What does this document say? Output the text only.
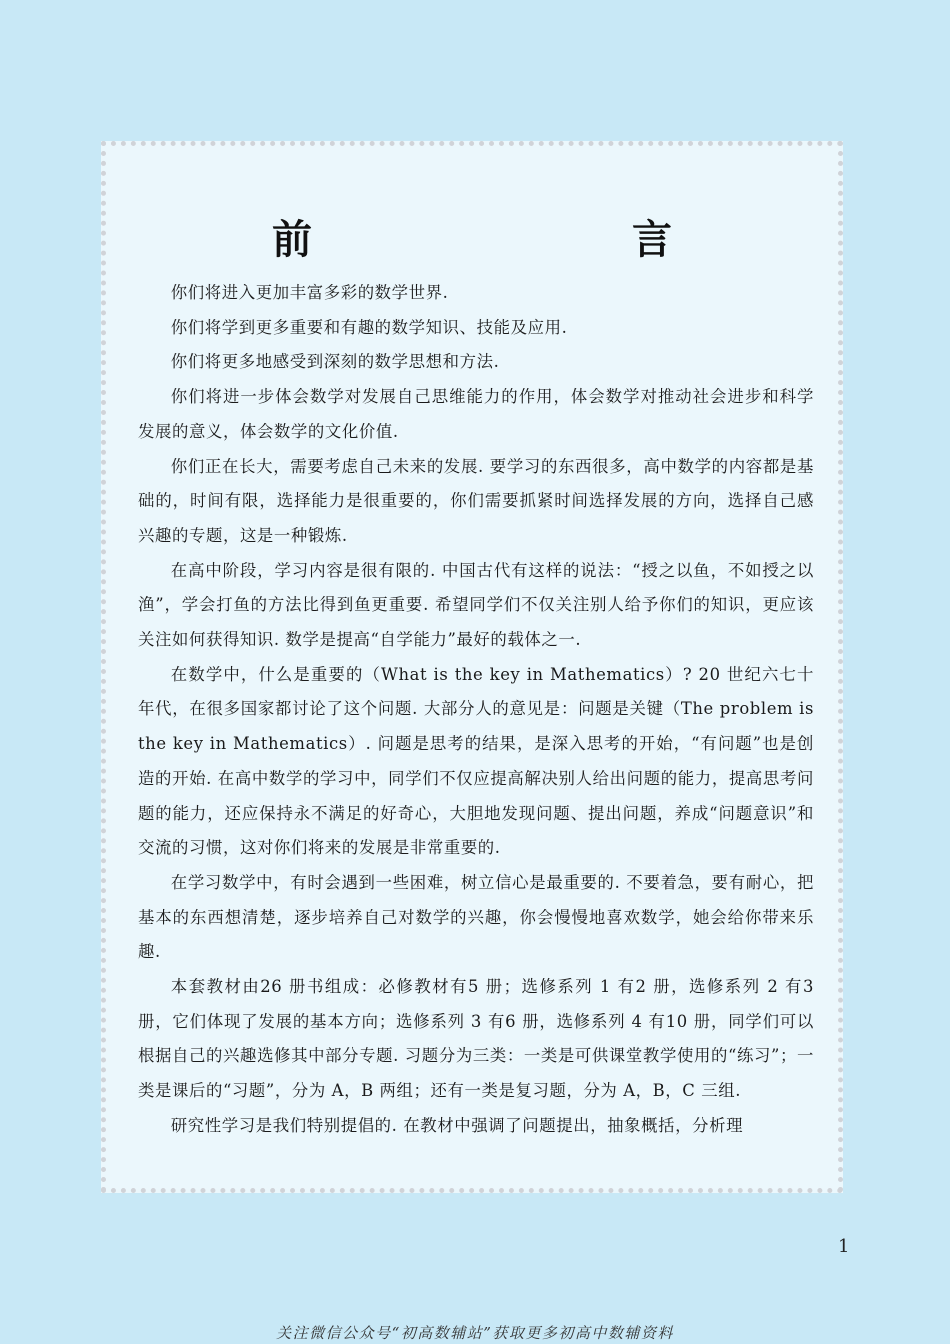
前　言

你们将进入更加丰富多彩的数学世界.

你们将学到更多重要和有趣的数学知识、技能及应用.

你们将更多地感受到深刻的数学思想和方法.

你们将进一步体会数学对发展自己思维能力的作用，体会数学对推动社会进步和科学发展的意义，体会数学的文化价值.

你们正在长大，需要考虑自己未来的发展. 要学习的东西很多，高中数学的内容都是基础的，时间有限，选择能力是很重要的，你们需要抓紧时间选择发展的方向，选择自己感兴趣的专题，这是一种锻炼.

在高中阶段，学习内容是很有限的. 中国古代有这样的说法：“授之以鱼，不如授之以渔”，学会打鱼的方法比得到鱼更重要. 希望同学们不仅关注别人给予你们的知识，更应该关注如何获得知识. 数学是提高“自学能力”最好的载体之一.

在数学中，什么是重要的（What is the key in Mathematics）? 20 世纪六七十年代，在很多国家都讨论了这个问题. 大部分人的意见是：问题是关键（The problem is the key in Mathematics）. 问题是思考的结果，是深入思考的开始，“有问题”也是创造的开始. 在高中数学的学习中，同学们不仅应提高解决别人给出问题的能力，提高思考问题的能力，还应保持永不满足的好奇心，大胆地发现问题、提出问题，养成“问题意识”和交流的习惯，这对你们将来的发展是非常重要的.

在学习数学中，有时会遇到一些困难，树立信心是最重要的. 不要着急，要有耐心，把基本的东西想清楚，逐步培养自己对数学的兴趣，你会慢慢地喜欢数学，她会给你带来乐趣.

本套教材由26 册书组成：必修教材有5 册；选修系列 1 有2 册，选修系列 2 有3 册，它们体现了发展的基本方向；选修系列 3 有6 册，选修系列 4 有10 册，同学们可以根据自己的兴趣选修其中部分专题. 习题分为三类：一类是可供课堂教学使用的“练习”；一类是课后的“习题”，分为 A，B 两组；还有一类是复习题，分为 A，B，C 三组.

研究性学习是我们特别提倡的. 在教材中强调了问题提出，抽象概括，分析理

1
关注微信公众号“初高数辅站”获取更多初高中数辅资料
